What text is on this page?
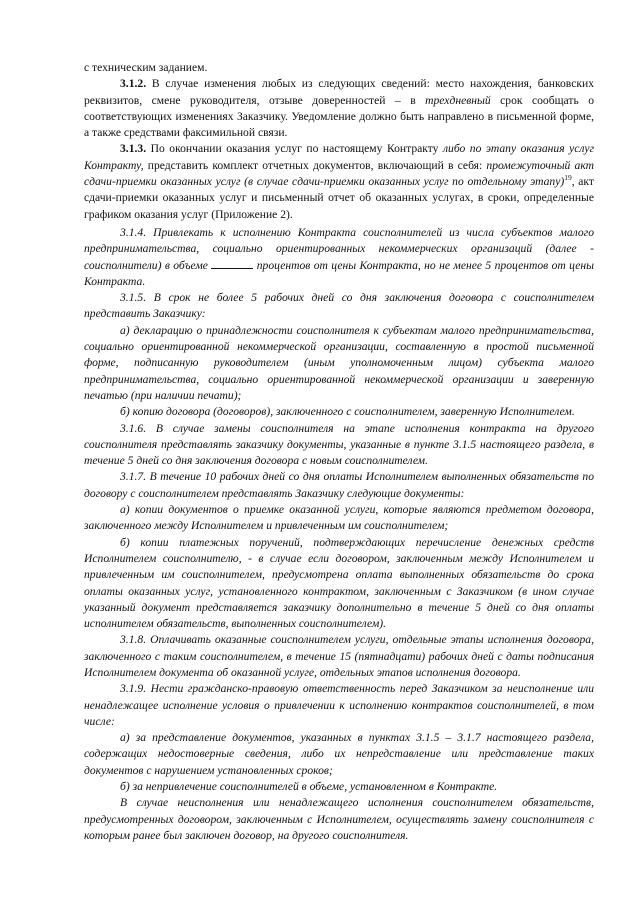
с техническим заданием.

3.1.2. В случае изменения любых из следующих сведений: место нахождения, банковских реквизитов, смене руководителя, отзыве доверенностей – в трехдневный срок сообщать о соответствующих изменениях Заказчику. Уведомление должно быть направлено в письменной форме, а также средствами факсимильной связи.

3.1.3. По окончании оказания услуг по настоящему Контракту либо по этапу оказания услуг Контракту, представить комплект отчетных документов, включающий в себя: промежуточный акт сдачи-приемки оказанных услуг (в случае сдачи-приемки оказанных услуг по отдельному этапу)$^{19}$, акт сдачи-приемки оказанных услуг и письменный отчет об оказанных услугах, в сроки, определенные графиком оказания услуг (Приложение 2).

3.1.4. Привлекать к исполнению Контракта соисполнителей из числа субъектов малого предпринимательства, социально ориентированных некоммерческих организаций (далее - соисполнители) в объеме	процентов от цены Контракта, но не менее 5 процентов от цены Контракта.

3.1.5. В срок не более 5 рабочих дней со дня заключения договора с соисполнителем представить Заказчику:

а) декларацию о принадлежности соисполнителя к субъектам малого предпринимательства, социально ориентированной некоммерческой организации, составленную в простой письменной форме, подписанную руководителем (иным уполномоченным лицом) субъекта малого предпринимательства, социально ориентированной некоммерческой организации и заверенную печатью (при наличии печати);

б) копию договора (договоров), заключенного с соисполнителем, заверенную Исполнителем.

3.1.6. В случае замены соисполнителя на этапе исполнения контракта на другого соисполнителя представлять заказчику документы, указанные в пункте 3.1.5 настоящего раздела, в течение 5 дней со дня заключения договора с новым соисполнителем.

3.1.7. В течение 10 рабочих дней со дня оплаты Исполнителем выполненных обязательств по договору с соисполнителем представлять Заказчику следующие документы:

а) копии документов о приемке оказанной услуги, которые являются предметом договора, заключенного между Исполнителем и привлеченным им соисполнителем;

б) копии платежных поручений, подтверждающих перечисление денежных средств Исполнителем соисполнителю, - в случае если договором, заключенным между Исполнителем и привлеченным им соисполнителем, предусмотрена оплата выполненных обязательств до срока оплаты оказанных услуг, установленного контрактом, заключенным с Заказчиком (в ином случае указанный документ представляется заказчику дополнительно в течение 5 дней со дня оплаты исполнителем обязательств, выполненных соисполнителем).

3.1.8. Оплачивать оказанные соисполнителем услуги, отдельные этапы исполнения договора, заключенного с таким соисполнителем, в течение 15 (пятнадцати) рабочих дней с даты подписания Исполнителем документа об оказанной услуге, отдельных этапов исполнения договора.

3.1.9. Нести гражданско-правовую ответственность перед Заказчиком за неисполнение или ненадлежащее исполнение условия о привлечении к исполнению контрактов соисполнителей, в том числе:

а) за представление документов, указанных в пунктах 3.1.5 – 3.1.7 настоящего раздела, содержащих недостоверные сведения, либо их непредставление или представление таких документов с нарушением установленных сроков;

б) за непривлечение соисполнителей в объеме, установленном в Контракте.

В случае неисполнения или ненадлежащего исполнения соисполнителем обязательств, предусмотренных договором, заключенным с Исполнителем, осуществлять замену соисполнителя с которым ранее был заключен договор, на другого соисполнителя.
